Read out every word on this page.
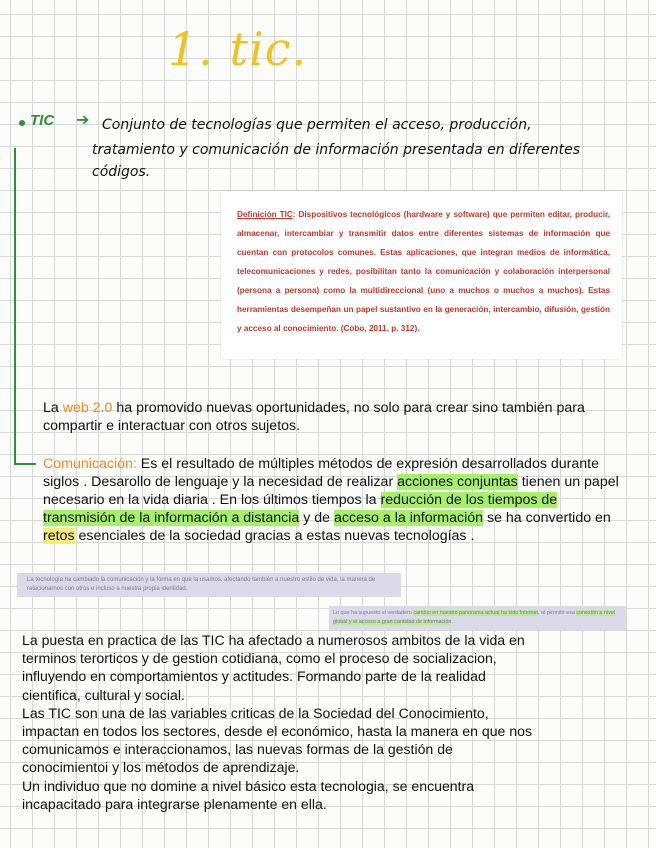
1. tic.
TIC ➔ Conjunto de tecnologías que permiten el acceso, producción,
tratamiento y comunicación de información presentada en diferentes
códigos.
Definición TIC: Dispositivos tecnológicos (hardware y software) que permiten editar, producir, almacenar, intercambiar y transmitir datos entre diferentes sistemas de información que cuentan con protocolos comunes. Estas aplicaciones, que integran medios de informática, telecomunicaciones y redes, posibilitan tanto la comunicación y colaboración interpersonal (persona a persona) como la multidireccional (uno a muchos o muchos a muchos). Estas herramientas desempeñan un papel sustantivo en la generación, intercambio, difusión, gestión y acceso al conocimiento. (Cobo, 2011, p. 312).
La web 2.0 ha promovido nuevas oportunidades, no solo para crear sino también para compartir e interactuar con otros sujetos.
Comunicación: Es el resultado de múltiples métodos de expresión desarrollados durante siglos . Desarollo de lenguaje y la necesidad de realizar acciones conjuntas tienen un papel necesario en la vida diaria . En los últimos tiempos la reducción de los tiempos de transmisión de la información a distancia y de acceso a la información se ha convertido en retos esenciales de la sociedad gracias a estas nuevas tecnologías .
La tecnología ha cambiado la comunicación y la forma en que la usamos, afectando también a nuestro estilo de vida, la manera de relacionarnos con otros e incluso a nuestra propia identidad.
Lo que ha supuesto el verdadero cambio en nuestro panorama actual ha sido Internet, al permitir esa conexión a nivel global y el acceso a gran cantidad de información.
La puesta en practica de las TIC ha afectado a numerosos ambitos de la vida en
terminos terorticos y de gestion cotidiana, como el proceso de socializacion,
influyendo en comportamientos y actitudes. Formando parte de la realidad
cientifica, cultural y social.
Las TIC son una de las variables criticas de la Sociedad del Conocimiento,
impactan en todos los sectores, desde el económico, hasta la manera en que nos
comunicamos e interaccionamos, las nuevas formas de la gestión de
conocimientoi y los métodos de aprendizaje.
Un individuo que no domine a nivel básico esta tecnologia, se encuentra
incapacitado para integrarse plenamente en ella.
